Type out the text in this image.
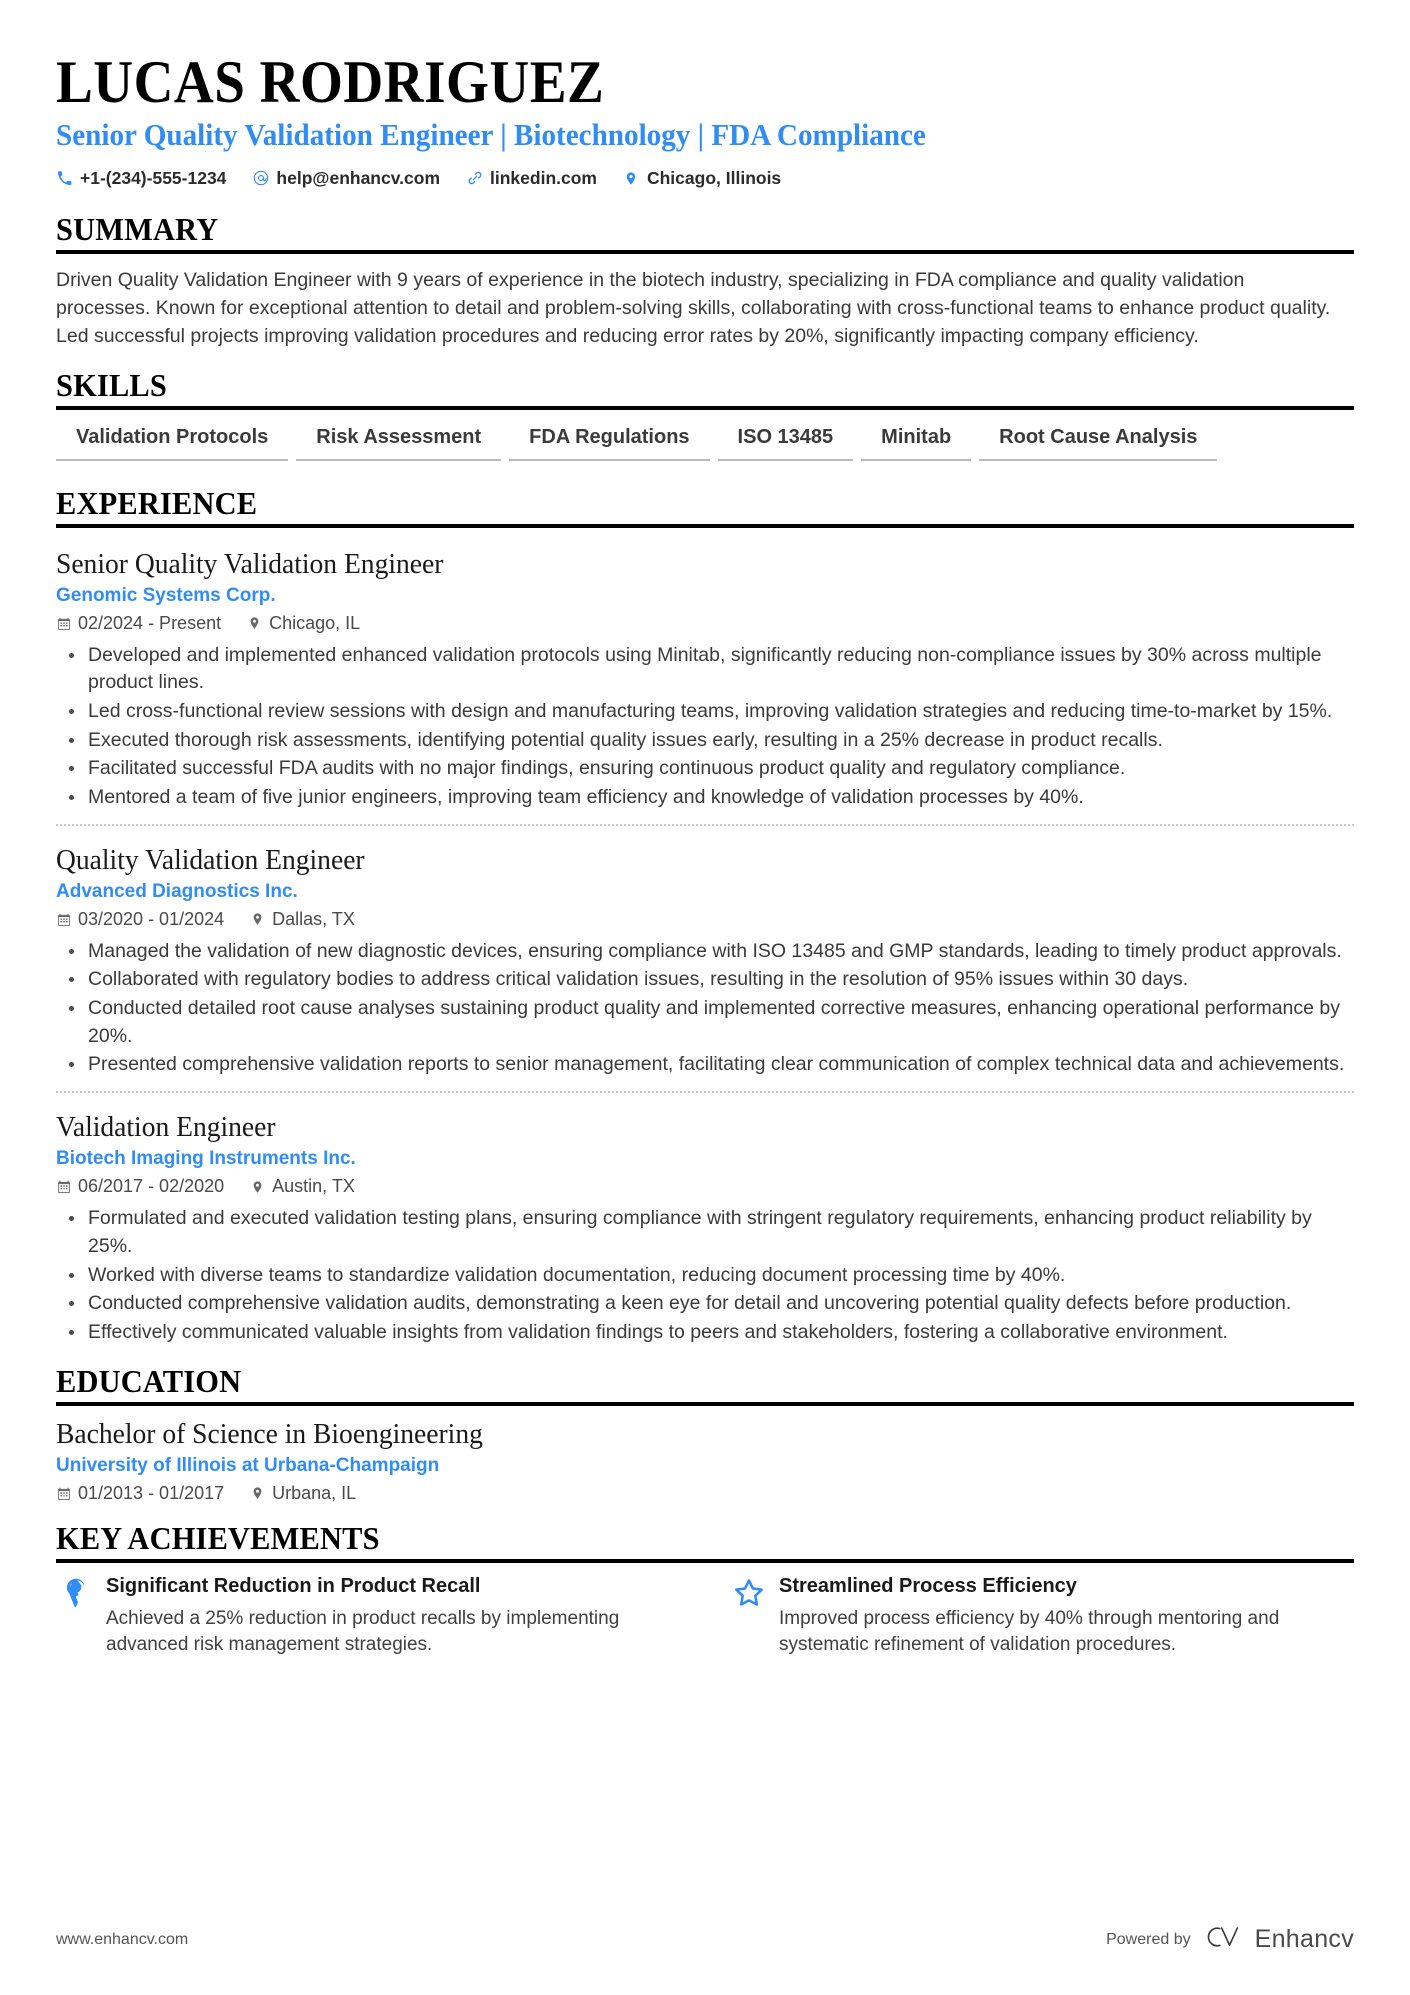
LUCAS RODRIGUEZ
Senior Quality Validation Engineer | Biotechnology | FDA Compliance
+1-(234)-555-1234	help@enhancv.com	linkedin.com	Chicago, Illinois
SUMMARY

Driven Quality Validation Engineer with 9 years of experience in the biotech industry, specializing in FDA compliance and quality validation processes. Known for exceptional attention to detail and problem-solving skills, collaborating with cross-functional teams to enhance product quality. Led successful projects improving validation procedures and reducing error rates by 20%, significantly impacting company efficiency.

SKILLS
Validation Protocols	Risk Assessment	FDA Regulations	ISO 13485	Minitab	Root Cause Analysis
EXPERIENCE
Senior Quality Validation Engineer
Genomic Systems Corp.
02/2024 - Present	Chicago, IL
Developed and implemented enhanced validation protocols using Minitab, significantly reducing non-compliance issues by 30% across multiple product lines.
Led cross-functional review sessions with design and manufacturing teams, improving validation strategies and reducing time-to-market by 15%.
Executed thorough risk assessments, identifying potential quality issues early, resulting in a 25% decrease in product recalls.
Facilitated successful FDA audits with no major findings, ensuring continuous product quality and regulatory compliance.
Mentored a team of five junior engineers, improving team efficiency and knowledge of validation processes by 40%.
Quality Validation Engineer
Advanced Diagnostics Inc.
03/2020 - 01/2024	Dallas, TX
Managed the validation of new diagnostic devices, ensuring compliance with ISO 13485 and GMP standards, leading to timely product approvals.
Collaborated with regulatory bodies to address critical validation issues, resulting in the resolution of 95% issues within 30 days.
Conducted detailed root cause analyses sustaining product quality and implemented corrective measures, enhancing operational performance by 20%.
Presented comprehensive validation reports to senior management, facilitating clear communication of complex technical data and achievements.
Validation Engineer
Biotech Imaging Instruments Inc.
06/2017 - 02/2020	Austin, TX
Formulated and executed validation testing plans, ensuring compliance with stringent regulatory requirements, enhancing product reliability by 25%.
Worked with diverse teams to standardize validation documentation, reducing document processing time by 40%.
Conducted comprehensive validation audits, demonstrating a keen eye for detail and uncovering potential quality defects before production.
Effectively communicated valuable insights from validation findings to peers and stakeholders, fostering a collaborative environment.
EDUCATION
Bachelor of Science in Bioengineering
University of Illinois at Urbana-Champaign
01/2013 - 01/2017	Urbana, IL
KEY ACHIEVEMENTS
Significant Reduction in Product Recall

Achieved a 25% reduction in product recalls by implementing advanced risk management strategies.

Streamlined Process Efficiency

Improved process efficiency by 40% through mentoring and systematic refinement of validation procedures.

www.enhancv.com	Powered by	Enhancv
